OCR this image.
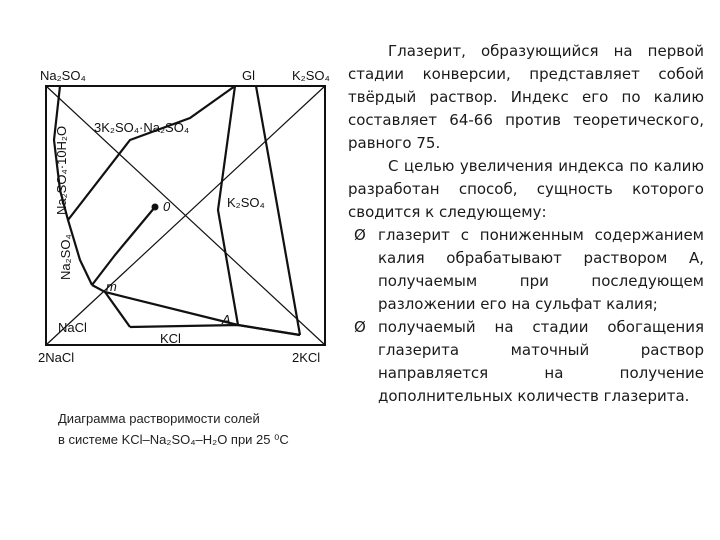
Na₂SO₄	Gl	K₂SO₄
Na₂SO₄·10H₂O
Na₂SO₄
3K₂SO₄·Na₂SO₄
0	K₂SO₄
m
NaCl
A
KCl
2NaCl	2KCl
Диаграмма растворимости солей
в системе KCl–Na₂SO₄–H₂O при 25 ⁰С

Глазерит, образующийся на первой стадии конверсии, представляет собой твёрдый раствор. Индекс его по калию составляет 64-66 против теоретического, равного 75.

С целью увеличения индекса по калию разработан способ, сущность которого сводится к следующему:

Ø глазерит с пониженным содержанием калия обрабатывают раствором А, получаемым при последующем разложении его на сульфат калия;
Ø получаемый на стадии обогащения глазерита маточный раствор направляется на получение дополнительных количеств глазерита.
